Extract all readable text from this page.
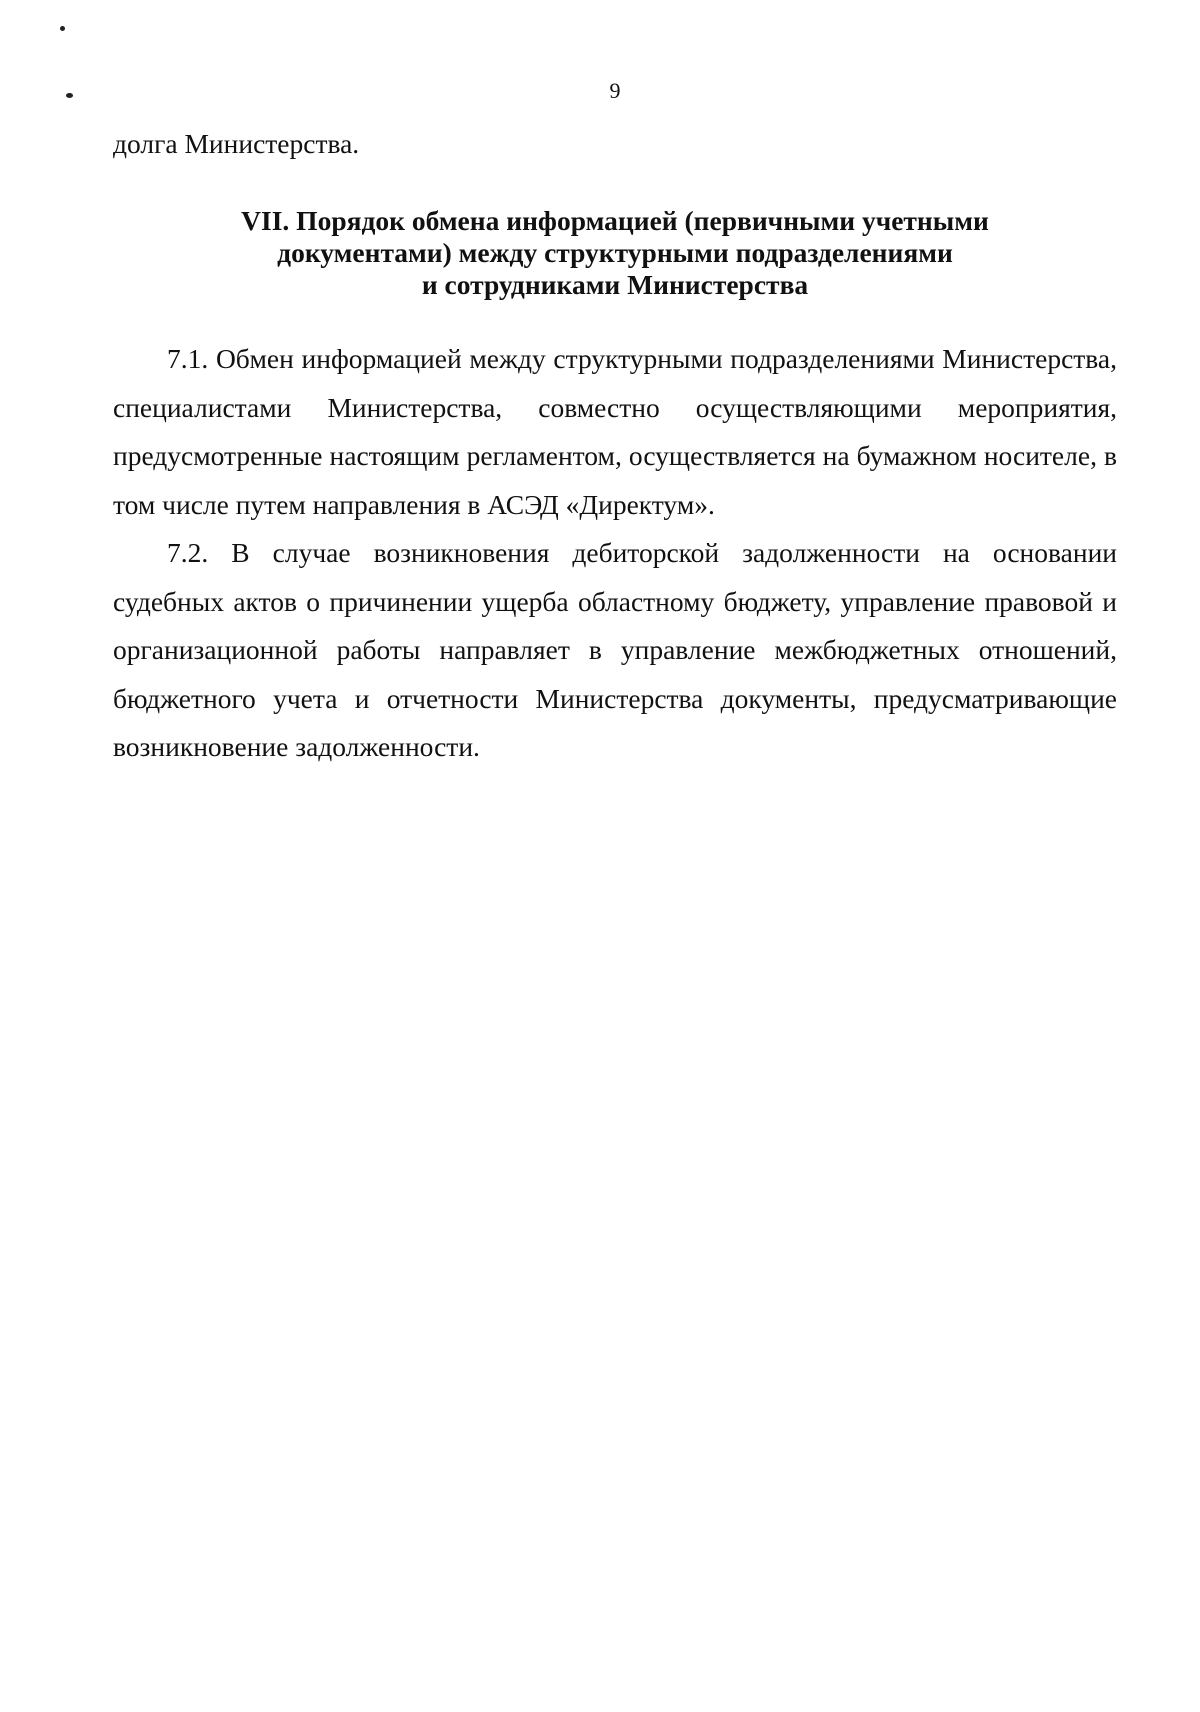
9
долга Министерства.
VII. Порядок обмена информацией (первичными учетными
документами) между структурными подразделениями
и сотрудниками Министерства

7.1. Обмен информацией между структурными подразделениями Министерства, специалистами Министерства, совместно осуществляющими мероприятия, предусмотренные настоящим регламентом, осуществляется на бумажном носителе, в том числе путем направления в АСЭД «Директум».

7.2. В случае возникновения дебиторской задолженности на основании судебных актов о причинении ущерба областному бюджету, управление правовой и организационной работы направляет в управление межбюджетных отношений, бюджетного учета и отчетности Министерства документы, предусматривающие возникновение задолженности.
